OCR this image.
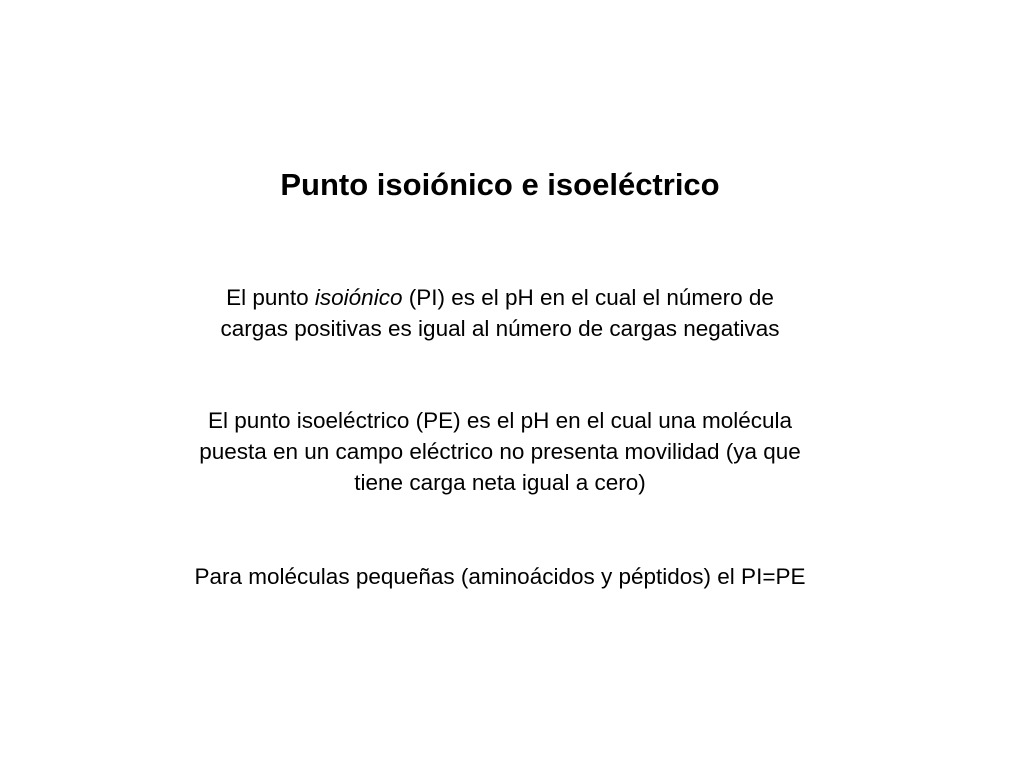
Punto isoiónico e isoeléctrico

El punto isoiónico (PI) es el pH en el cual el número de
cargas positivas es igual al número de cargas negativas

El punto isoeléctrico (PE) es el pH en el cual una molécula
puesta en un campo eléctrico no presenta movilidad (ya que
tiene carga neta igual a cero)

Para moléculas pequeñas (aminoácidos y péptidos) el PI=PE
